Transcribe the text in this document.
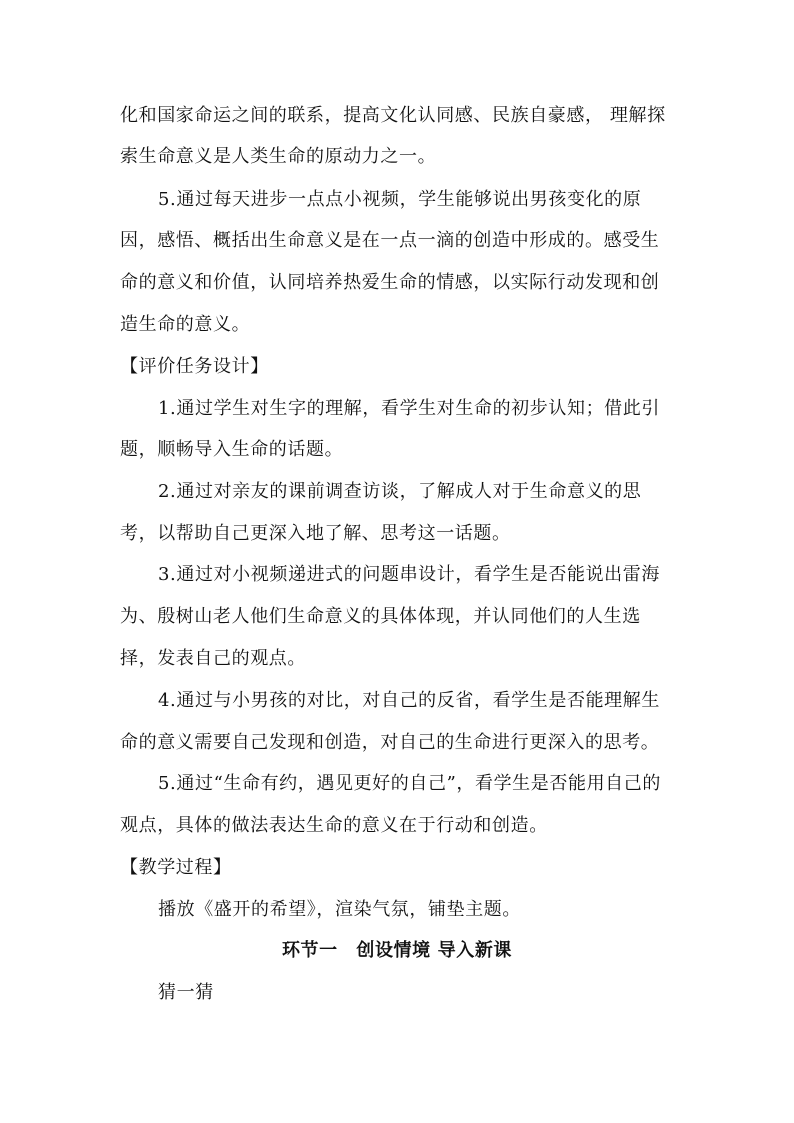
化和国家命运之间的联系，提高文化认同感、民族自豪感， 理解探
索生命意义是人类生命的原动力之一。
5.通过每天进步一点点小视频，学生能够说出男孩变化的原
因，感悟、概括出生命意义是在一点一滴的创造中形成的。感受生
命的意义和价值，认同培养热爱生命的情感，以实际行动发现和创
造生命的意义。
【评价任务设计】
1.通过学生对生字的理解，看学生对生命的初步认知；借此引
题，顺畅导入生命的话题。
2.通过对亲友的课前调查访谈，了解成人对于生命意义的思
考，以帮助自己更深入地了解、思考这一话题。
3.通过对小视频递进式的问题串设计，看学生是否能说出雷海
为、殷树山老人他们生命意义的具体体现，并认同他们的人生选
择，发表自己的观点。
4.通过与小男孩的对比，对自己的反省，看学生是否能理解生
命的意义需要自己发现和创造，对自己的生命进行更深入的思考。
5.通过“生命有约，遇见更好的自己”，看学生是否能用自己的
观点，具体的做法表达生命的意义在于行动和创造。
【教学过程】
播放《盛开的希望》，渲染气氛，铺垫主题。
环节一　创设情境 导入新课
猜一猜
